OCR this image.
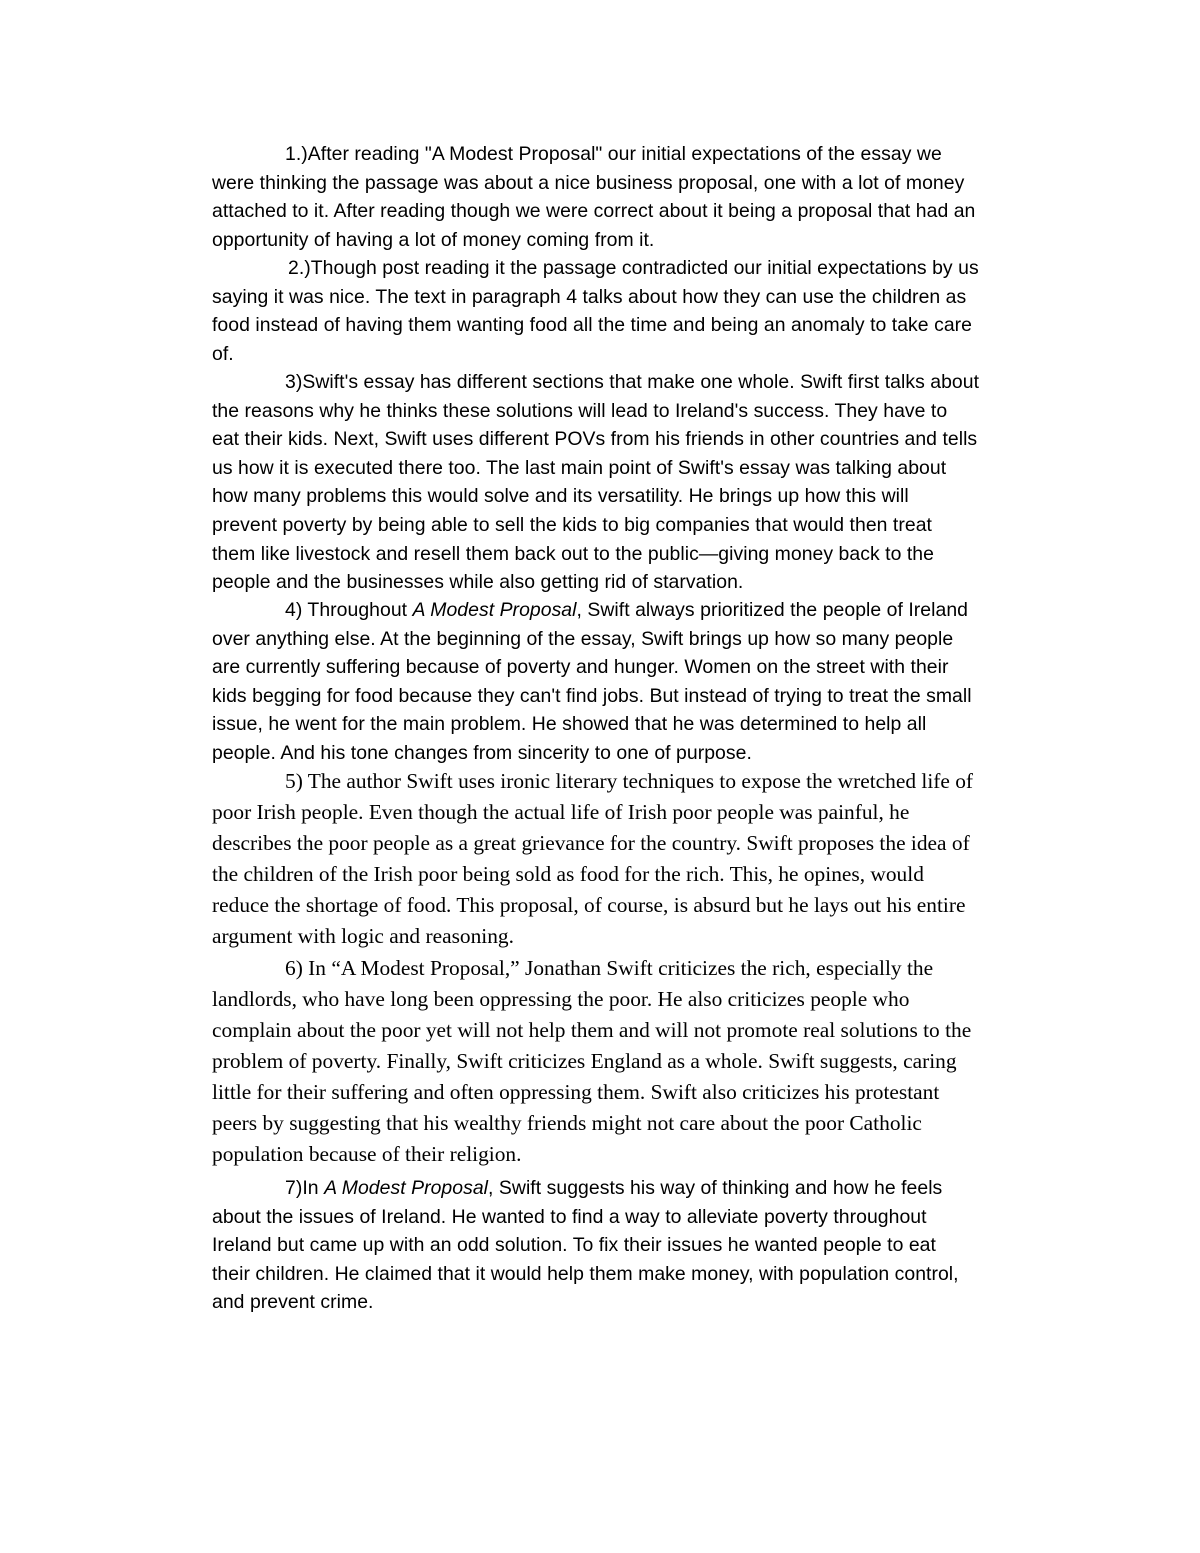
1.)After reading "A Modest Proposal" our initial expectations of the essay we
were thinking the passage was about a nice business proposal, one with a lot of money
attached to it. After reading though we were correct about it being a proposal that had an
opportunity of having a lot of money coming from it.
2.)Though post reading it the passage contradicted our initial expectations by us
saying it was nice. The text in paragraph 4 talks about how they can use the children as
food instead of having them wanting food all the time and being an anomaly to take care
of.
3)Swift's essay has different sections that make one whole. Swift first talks about
the reasons why he thinks these solutions will lead to Ireland's success. They have to
eat their kids. Next, Swift uses different POVs from his friends in other countries and tells
us how it is executed there too. The last main point of Swift's essay was talking about
how many problems this would solve and its versatility. He brings up how this will
prevent poverty by being able to sell the kids to big companies that would then treat
them like livestock and resell them back out to the public—giving money back to the
people and the businesses while also getting rid of starvation.
4) Throughout A Modest Proposal, Swift always prioritized the people of Ireland
over anything else. At the beginning of the essay, Swift brings up how so many people
are currently suffering because of poverty and hunger. Women on the street with their
kids begging for food because they can't find jobs. But instead of trying to treat the small
issue, he went for the main problem. He showed that he was determined to help all
people. And his tone changes from sincerity to one of purpose.
5) The author Swift uses ironic literary techniques to expose the wretched life of
poor Irish people. Even though the actual life of Irish poor people was painful, he
describes the poor people as a great grievance for the country. Swift proposes the idea of
the children of the Irish poor being sold as food for the rich. This, he opines, would
reduce the shortage of food. This proposal, of course, is absurd but he lays out his entire
argument with logic and reasoning.
6) In “A Modest Proposal,” Jonathan Swift criticizes the rich, especially the
landlords, who have long been oppressing the poor. He also criticizes people who
complain about the poor yet will not help them and will not promote real solutions to the
problem of poverty. Finally, Swift criticizes England as a whole. Swift suggests, caring
little for their suffering and often oppressing them. Swift also criticizes his protestant
peers by suggesting that his wealthy friends might not care about the poor Catholic
population because of their religion.
7)In A Modest Proposal, Swift suggests his way of thinking and how he feels
about the issues of Ireland. He wanted to find a way to alleviate poverty throughout
Ireland but came up with an odd solution. To fix their issues he wanted people to eat
their children. He claimed that it would help them make money, with population control,
and prevent crime.
